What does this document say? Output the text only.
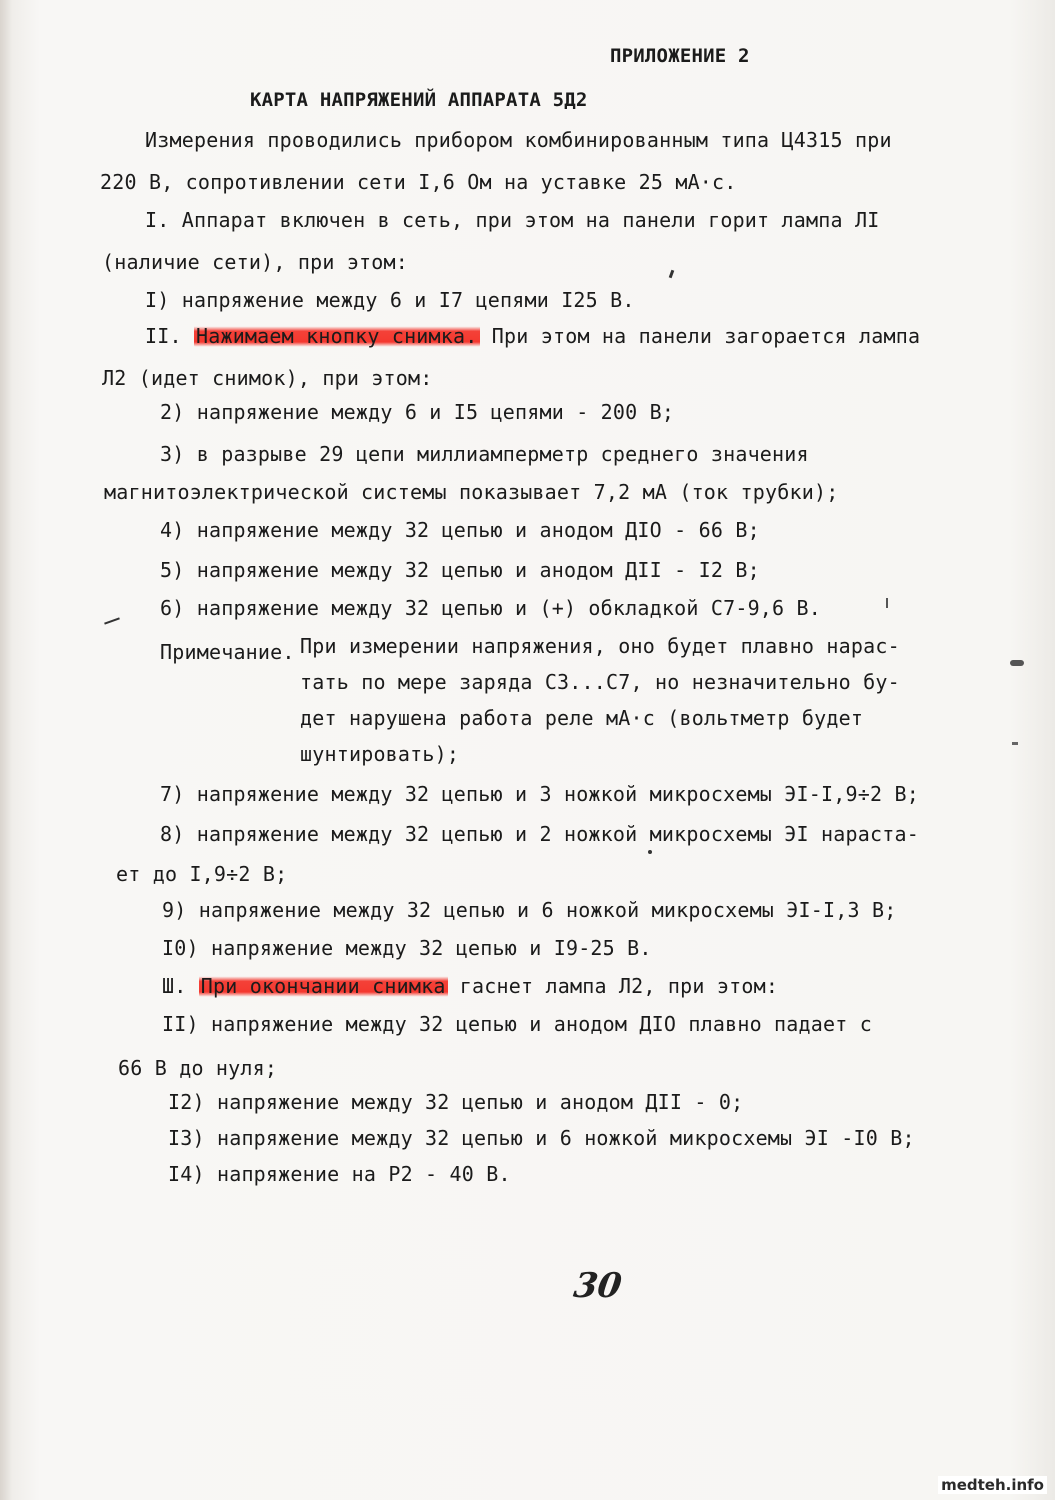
ПРИЛОЖЕНИЕ 2
КАРТА НАПРЯЖЕНИЙ АППАРАТА 5Д2
Измерения проводились прибором комбинированным типа Ц4315 при
220 В, сопротивлении сети I,6 Ом на уставке 25 мА·с.
I. Аппарат включен в сеть, при этом на панели горит лампа ЛI
(наличие сети), при этом:
I) напряжение между 6 и I7 цепями I25 В.
II. Нажимаем кнопку снимка. При этом на панели загорается лампа
Л2 (идет снимок), при этом:
2) напряжение между 6 и I5 цепями - 200 В;
3) в разрыве 29 цепи миллиамперметр среднего значения
магнитоэлектрической системы показывает 7,2 мА (ток трубки);
4) напряжение между 32 цепью и анодом ДIО - 66 В;
5) напряжение между 32 цепью и анодом ДII - I2 В;
6) напряжение между 32 цепью и (+) обкладкой С7-9,6 В.
Примечание. При измерении напряжения, оно будет плавно нарас-
тать по мере заряда С3...С7, но незначительно бу-
дет нарушена работа реле мА·с (вольтметр будет
шунтировать);
7) напряжение между 32 цепью и 3 ножкой микросхемы ЭI-I,9÷2 В;
8) напряжение между 32 цепью и 2 ножкой микросхемы ЭI нараста-
ет до I,9÷2 В;
9) напряжение между 32 цепью и 6 ножкой микросхемы ЭI-I,3 В;
I0) напряжение между 32 цепью и I9-25 В.
Ш. При окончании снимка гаснет лампа Л2, при этом:
II) напряжение между 32 цепью и анодом ДIО плавно падает с
66 В до нуля;
I2) напряжение между 32 цепью и анодом ДII - 0;
I3) напряжение между 32 цепью и 6 ножкой микросхемы ЭI -I0 В;
I4) напряжение на Р2 - 40 В.
30
medteh.info
